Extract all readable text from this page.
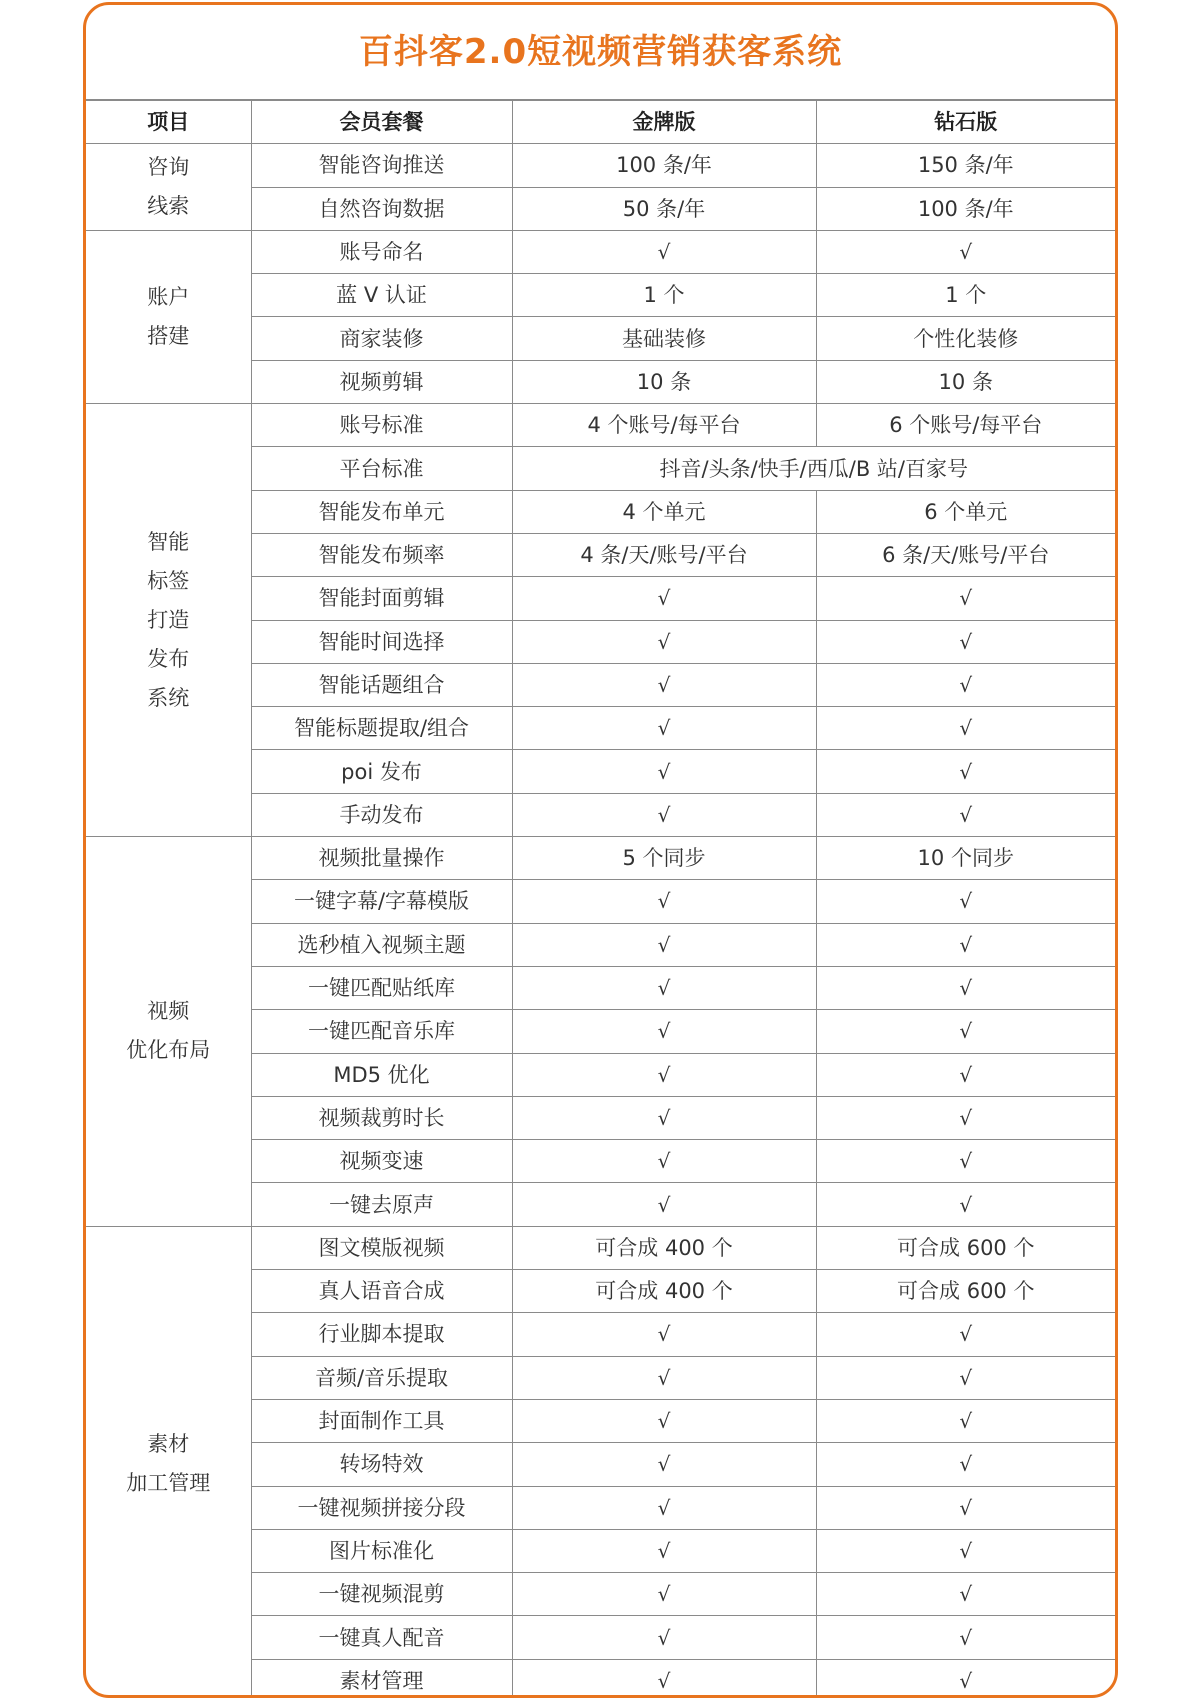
百抖客2.0短视频营销获客系统
项目	会员套餐	金牌版	钻石版

咨询
线索	智能咨询推送	100 条/年	150 条/年
	自然咨询数据	50 条/年	100 条/年

账户
搭建	账号命名	√	√
	蓝 V 认证	1 个	1 个
	商家装修	基础装修	个性化装修
	视频剪辑	10 条	10 条

智能
标签
打造
发布
系统	账号标准	4 个账号/每平台	6 个账号/每平台
	平台标准	抖音/头条/快手/西瓜/B 站/百家号	
	智能发布单元	4 个单元	6 个单元
	智能发布频率	4 条/天/账号/平台	6 条/天/账号/平台
	智能封面剪辑	√	√
	智能时间选择	√	√
	智能话题组合	√	√
	智能标题提取/组合	√	√
	poi 发布	√	√
	手动发布	√	√

视频
优化布局	视频批量操作	5 个同步	10 个同步
	一键字幕/字幕模版	√	√
	选秒植入视频主题	√	√
	一键匹配贴纸库	√	√
	一键匹配音乐库	√	√
	MD5 优化	√	√
	视频裁剪时长	√	√
	视频变速	√	√
	一键去原声	√	√

素材
加工管理	图文模版视频	可合成 400 个	可合成 600 个
	真人语音合成	可合成 400 个	可合成 600 个
	行业脚本提取	√	√
	音频/音乐提取	√	√
	封面制作工具	√	√
	转场特效	√	√
	一键视频拼接分段	√	√
	图片标准化	√	√
	一键视频混剪	√	√
	一键真人配音	√	√
	素材管理	√	√
